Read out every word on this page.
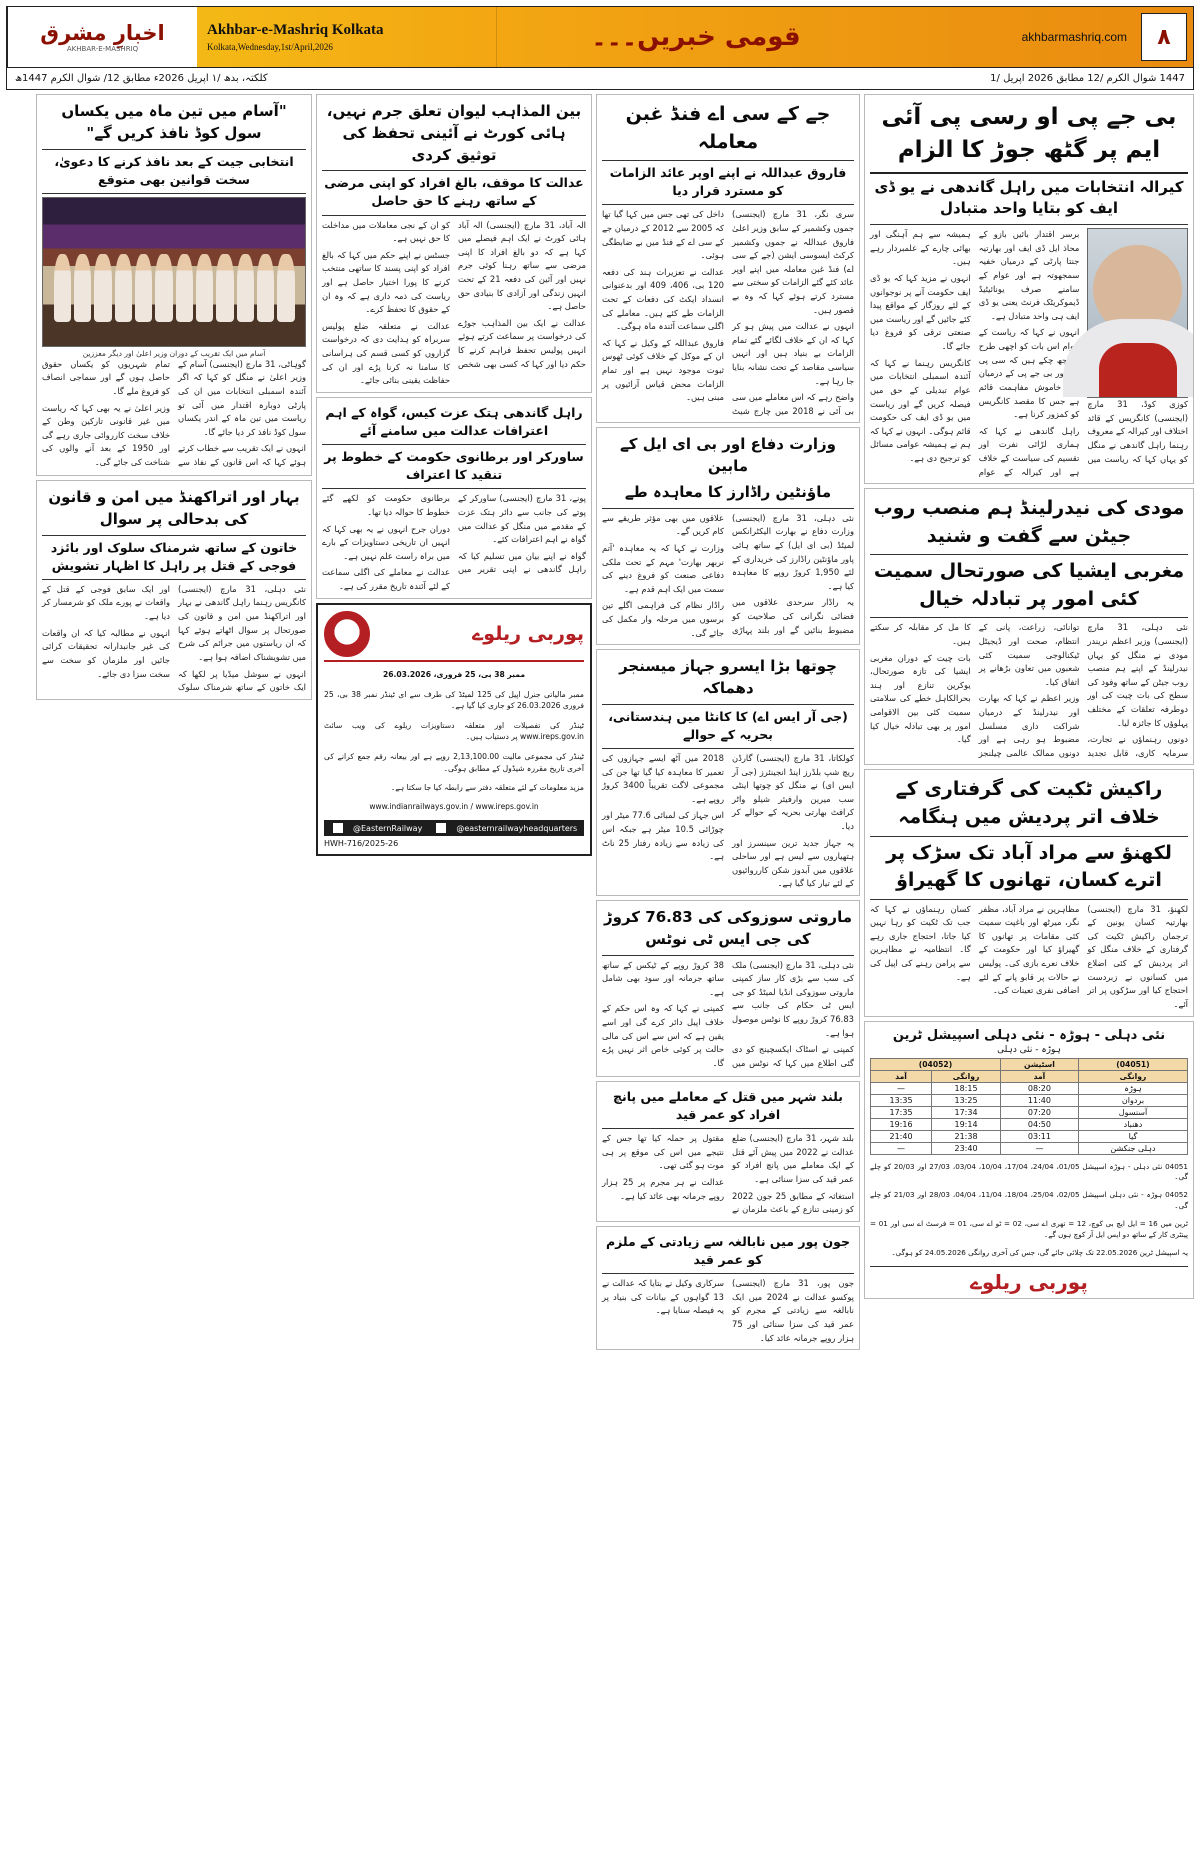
اخبارِ مشرق
AKHBAR-E-MASHRIQ
Akhbar-e-Mashriq Kolkata
Kolkata,Wednesday,1st/April,2026	قومی خبریں۔۔۔	akhbarmashriq.com	۸
کلکتہ، بدھ /۱ اپریل 2026ء مطابق 12/ شوال الکرم 1447ھ	1447 شوال الکرم /12 مطابق 2026 اپریل /1
بی جے پی او رسی پی آئی ایم پر گٹھ جوڑ کا الزام
کیرالہ انتخابات میں راہل گاندھی نے یو ڈی ایف کو بتایا واحد متبادل

کوزی کوڈ، 31 مارچ (ایجنسی) کانگریس کے قائد اختلاف اور کیرالہ کے معروف رہنما راہل گاندھی نے منگل کو یہاں کہا کہ ریاست میں برسر اقتدار بائیں بازو کے محاذ ایل ڈی ایف اور بھارتیہ جنتا پارٹی کے درمیان خفیہ سمجھوتہ ہے اور عوام کے سامنے صرف یونائیٹیڈ ڈیموکریٹک فرنٹ یعنی یو ڈی ایف ہی واحد متبادل ہے۔

انہوں نے کہا کہ ریاست کے عوام اس بات کو اچھی طرح سمجھ چکے ہیں کہ سی پی ایم اور بی جے پی کے درمیان ایک خاموش مفاہمت قائم ہے جس کا مقصد کانگریس کو کمزور کرنا ہے۔

راہل گاندھی نے کہا کہ ہماری لڑائی نفرت اور تقسیم کی سیاست کے خلاف ہے اور کیرالہ کے عوام ہمیشہ سے ہم آہنگی اور بھائی چارے کے علمبردار رہے ہیں۔

انہوں نے مزید کہا کہ یو ڈی ایف حکومت آنے پر نوجوانوں کے لئے روزگار کے مواقع پیدا کئے جائیں گے اور ریاست میں صنعتی ترقی کو فروغ دیا جائے گا۔

کانگریس رہنما نے کہا کہ آئندہ اسمبلی انتخابات میں عوام تبدیلی کے حق میں فیصلہ کریں گے اور ریاست میں یو ڈی ایف کی حکومت قائم ہوگی۔ انہوں نے کہا کہ ہم نے ہمیشہ عوامی مسائل کو ترجیح دی ہے۔

مودی کی نیدرلینڈ ہم منصب روب جیٹن سے گفت و شنید
مغربی ایشیا کی صورتحال سمیت کئی امور پر تبادلہ خیال

نئی دہلی، 31 مارچ (ایجنسی) وزیر اعظم نریندر مودی نے منگل کو یہاں نیدرلینڈ کے اپنے ہم منصب روب جیٹن کے ساتھ وفود کی سطح کی بات چیت کی اور دوطرفہ تعلقات کے مختلف پہلوؤں کا جائزہ لیا۔

دونوں رہنماؤں نے تجارت، سرمایہ کاری، قابل تجدید توانائی، زراعت، پانی کے انتظام، صحت اور ڈیجیٹل ٹیکنالوجی سمیت کئی شعبوں میں تعاون بڑھانے پر اتفاق کیا۔

وزیر اعظم نے کہا کہ بھارت اور نیدرلینڈ کے درمیان شراکت داری مسلسل مضبوط ہو رہی ہے اور دونوں ممالک عالمی چیلنجز کا مل کر مقابلہ کر سکتے ہیں۔

بات چیت کے دوران مغربی ایشیا کی تازہ صورتحال، یوکرین تنازع اور ہند بحرالکاہل خطے کی سلامتی سمیت کئی بین الاقوامی امور پر بھی تبادلہ خیال کیا گیا۔

راکیش ٹکیت کی گرفتاری کے خلاف اتر پردیش میں ہنگامہ
لکھنؤ سے مراد آباد تک سڑک پر اترے کسان، تھانوں کا گھیراؤ

لکھنؤ، 31 مارچ (ایجنسی) بھارتیہ کسان یونین کے ترجمان راکیش ٹکیت کی گرفتاری کے خلاف منگل کو اتر پردیش کے کئی اضلاع میں کسانوں نے زبردست احتجاج کیا اور سڑکوں پر اتر آئے۔

مظاہرین نے مراد آباد، مظفر نگر، میرٹھ اور باغپت سمیت کئی مقامات پر تھانوں کا گھیراؤ کیا اور حکومت کے خلاف نعرے بازی کی۔ پولیس نے حالات پر قابو پانے کے لئے اضافی نفری تعینات کی۔

کسان رہنماؤں نے کہا کہ جب تک ٹکیت کو رہا نہیں کیا جاتا، احتجاج جاری رہے گا۔ انتظامیہ نے مظاہرین سے پرامن رہنے کی اپیل کی ہے۔

نئی دہلی - ہوڑہ - نئی دہلی اسپیشل ٹرین
ہوڑہ - نئی دہلی
(04051)	اسٹیشن	(04052)	
روانگی	آمد	روانگی	آمد
ہوڑہ	08:20	18:15	—
بردوان	11:40	13:25	13:35
آسنسول	07:20	17:34	17:35
دھنباد	04:50	19:14	19:16
گیا	03:11	21:38	21:40
دہلی جنکشن	—	23:40	—

04051 نئی دہلی - ہوڑہ اسپیشل 01/05، 24/04، 17/04، 10/04، 03/04، 27/03 اور 20/03 کو چلے گی۔

04052 ہوڑہ - نئی دہلی اسپیشل 02/05، 25/04، 18/04، 11/04، 04/04، 28/03 اور 21/03 کو چلے گی۔

ٹرین میں 16 = ایل ایچ بی کوچ، 12 = تھری اے سی، 02 = ٹو اے سی، 01 = فرسٹ اے سی اور 01 = پینٹری کار کے ساتھ دو ایس ایل آر کوچ ہوں گے۔

یہ اسپیشل ٹرین 22.05.2026 تک چلائی جائے گی، جس کی آخری روانگی 24.05.2026 کو ہوگی۔

پوربی ریلوے
جے کے سی اے فنڈ غبن معاملہ
فاروق عبداللہ نے اپنے اوپر عائد الزامات کو مسترد قرار دیا

سری نگر، 31 مارچ (ایجنسی) جموں وکشمیر کے سابق وزیر اعلیٰ فاروق عبداللہ نے جموں وکشمیر کرکٹ ایسوسی ایشن (جے کے سی اے) فنڈ غبن معاملہ میں اپنے اوپر عائد کئے گئے الزامات کو سختی سے مسترد کرتے ہوئے کہا کہ وہ بے قصور ہیں۔

انہوں نے عدالت میں پیش ہو کر کہا کہ ان کے خلاف لگائے گئے تمام الزامات بے بنیاد ہیں اور انہیں سیاسی مقاصد کے تحت نشانہ بنایا جا رہا ہے۔

واضح رہے کہ اس معاملے میں سی بی آئی نے 2018 میں چارج شیٹ داخل کی تھی جس میں کہا گیا تھا کہ 2005 سے 2012 کے درمیان جے کے سی اے کے فنڈ میں بے ضابطگی ہوئی۔

عدالت نے تعزیرات ہند کی دفعہ 120 بی، 406، 409 اور بدعنوانی انسداد ایکٹ کی دفعات کے تحت الزامات طے کئے ہیں۔ معاملے کی اگلی سماعت آئندہ ماہ ہوگی۔

فاروق عبداللہ کے وکیل نے کہا کہ ان کے موکل کے خلاف کوئی ٹھوس ثبوت موجود نہیں ہے اور تمام الزامات محض قیاس آرائیوں پر مبنی ہیں۔

وزارت دفاع اور بی ای ایل کے مابین
ماؤنٹین راڈارز کا معاہدہ طے

نئی دہلی، 31 مارچ (ایجنسی) وزارت دفاع نے بھارت الیکٹرانکس لمیٹڈ (بی ای ایل) کے ساتھ ہائی پاور ماؤنٹین راڈارز کی خریداری کے لئے 1,950 کروڑ روپے کا معاہدہ کیا ہے۔

یہ راڈار سرحدی علاقوں میں فضائی نگرانی کی صلاحیت کو مضبوط بنائیں گے اور بلند پہاڑی علاقوں میں بھی مؤثر طریقے سے کام کریں گے۔

وزارت نے کہا کہ یہ معاہدہ 'آتم نربھر بھارت' مہم کے تحت ملکی دفاعی صنعت کو فروغ دینے کی سمت میں ایک اہم قدم ہے۔

راڈار نظام کی فراہمی اگلے تین برسوں میں مرحلہ وار مکمل کی جائے گی۔

چوتھا بڑا ایسرو جہاز میسنجر دھماکہ
(جی آر ایس اے) کا کانٹا میں ہندستانی، بحریہ کے حوالے

کولکاتا، 31 مارچ (ایجنسی) گارڈن ریچ شپ بلڈرز اینڈ انجینئرز (جی آر ایس ای) نے منگل کو چوتھا اینٹی سب میرین وارفیئر شیلو واٹر کرافٹ بھارتی بحریہ کے حوالے کر دیا۔

یہ جہاز جدید ترین سینسرز اور ہتھیاروں سے لیس ہے اور ساحلی علاقوں میں آبدوز شکن کارروائیوں کے لئے تیار کیا گیا ہے۔

2018 میں آٹھ ایسے جہازوں کی تعمیر کا معاہدہ کیا گیا تھا جن کی مجموعی لاگت تقریباً 3400 کروڑ روپے ہے۔

اس جہاز کی لمبائی 77.6 میٹر اور چوڑائی 10.5 میٹر ہے جبکہ اس کی زیادہ سے زیادہ رفتار 25 ناٹ ہے۔

ماروتی سوزوکی کی 76.83 کروڑ کی جی ایس ٹی نوٹس

نئی دہلی، 31 مارچ (ایجنسی) ملک کی سب سے بڑی کار ساز کمپنی ماروتی سوزوکی انڈیا لمیٹڈ کو جی ایس ٹی حکام کی جانب سے 76.83 کروڑ روپے کا نوٹس موصول ہوا ہے۔

کمپنی نے اسٹاک ایکسچینج کو دی گئی اطلاع میں کہا کہ نوٹس میں 38 کروڑ روپے کے ٹیکس کے ساتھ ساتھ جرمانہ اور سود بھی شامل ہے۔

کمپنی نے کہا کہ وہ اس حکم کے خلاف اپیل دائر کرے گی اور اسے یقین ہے کہ اس سے اس کی مالی حالت پر کوئی خاص اثر نہیں پڑے گا۔

بلند شہر میں قتل کے معاملے میں پانچ افراد کو عمر قید

بلند شہر، 31 مارچ (ایجنسی) ضلع عدالت نے 2022 میں پیش آئے قتل کے ایک معاملے میں پانچ افراد کو عمر قید کی سزا سنائی ہے۔

استغاثہ کے مطابق 25 جون 2022 کو زمینی تنازع کے باعث ملزمان نے مقتول پر حملہ کیا تھا جس کے نتیجے میں اس کی موقع پر ہی موت ہو گئی تھی۔

عدالت نے ہر مجرم پر 25 ہزار روپے جرمانہ بھی عائد کیا ہے۔

جون پور میں نابالغہ سے زیادتی کے ملزم کو عمر قید

جون پور، 31 مارچ (ایجنسی) پوکسو عدالت نے 2024 میں ایک نابالغہ سے زیادتی کے مجرم کو عمر قید کی سزا سنائی اور 75 ہزار روپے جرمانہ عائد کیا۔

سرکاری وکیل نے بتایا کہ عدالت نے 13 گواہوں کے بیانات کی بنیاد پر یہ فیصلہ سنایا ہے۔

بین المذاہب لیوان تعلق جرم نہیں، ہائی کورٹ نے آئینی تحفظ کی توثیق کردی
عدالت کا موقف، بالغ افراد کو اپنی مرضی کے ساتھ رہنے کا حق حاصل

الہ آباد، 31 مارچ (ایجنسی) الہ آباد ہائی کورٹ نے ایک اہم فیصلے میں کہا ہے کہ دو بالغ افراد کا اپنی مرضی سے ساتھ رہنا کوئی جرم نہیں اور آئین کی دفعہ 21 کے تحت انہیں زندگی اور آزادی کا بنیادی حق حاصل ہے۔

عدالت نے ایک بین المذاہب جوڑے کی درخواست پر سماعت کرتے ہوئے انہیں پولیس تحفظ فراہم کرنے کا حکم دیا اور کہا کہ کسی بھی شخص کو ان کے نجی معاملات میں مداخلت کا حق نہیں ہے۔

جسٹس نے اپنے حکم میں کہا کہ بالغ افراد کو اپنی پسند کا ساتھی منتخب کرنے کا پورا اختیار حاصل ہے اور ریاست کی ذمہ داری ہے کہ وہ ان کے حقوق کا تحفظ کرے۔

عدالت نے متعلقہ ضلع پولیس سربراہ کو ہدایت دی کہ درخواست گزاروں کو کسی قسم کی ہراسانی کا سامنا نہ کرنا پڑے اور ان کی حفاظت یقینی بنائی جائے۔

راہل گاندھی ہتک عزت کیس، گواہ کے اہم اعترافات عدالت میں سامنے آئے
ساورکر اور برطانوی حکومت کے خطوط پر تنقید کا اعتراف

پونے، 31 مارچ (ایجنسی) ساورکر کے پوتے کی جانب سے دائر ہتک عزت کے مقدمے میں منگل کو عدالت میں گواہ نے اہم اعترافات کئے۔

گواہ نے اپنے بیان میں تسلیم کیا کہ راہل گاندھی نے اپنی تقریر میں برطانوی حکومت کو لکھے گئے خطوط کا حوالہ دیا تھا۔

دوران جرح انہوں نے یہ بھی کہا کہ انہیں ان تاریخی دستاویزات کے بارے میں براہ راست علم نہیں ہے۔

عدالت نے معاملے کی اگلی سماعت کے لئے آئندہ تاریخ مقرر کی ہے۔

پوربی ریلوے

ممبر 38 بی، 25 فروری، 26.03.2026

ممبر مالیاتی جنرل اپیل کی 125 لمیٹڈ کی طرف سے ای ٹینڈر نمبر 38 بی، 25 فروری 26.03.2026 کو جاری کیا گیا ہے۔

ٹینڈر کی تفصیلات اور متعلقہ دستاویزات ریلوے کی ویب سائٹ www.ireps.gov.in پر دستیاب ہیں۔

ٹینڈر کی مجموعی مالیت 2,13,100.00 روپے ہے اور بیعانہ رقم جمع کرانے کی آخری تاریخ مقررہ شیڈول کے مطابق ہوگی۔

مزید معلومات کے لئے متعلقہ دفتر سے رابطہ کیا جا سکتا ہے۔

www.indianrailways.gov.in / www.ireps.gov.in

@EasternRailway	@easternrailwayheadquarters
HWH-716/2025-26
"آسام میں تین ماہ میں یکساں سول کوڈ نافذ کریں گے"
انتخابی جیت کے بعد نافذ کرنے کا دعویٰ، سخت قوانین بھی متوقع
آسام میں ایک تقریب کے دوران وزیر اعلیٰ اور دیگر معززین

گوہاٹی، 31 مارچ (ایجنسی) آسام کے وزیر اعلیٰ نے منگل کو کہا کہ اگر آئندہ اسمبلی انتخابات میں ان کی پارٹی دوبارہ اقتدار میں آئی تو ریاست میں تین ماہ کے اندر یکساں سول کوڈ نافذ کر دیا جائے گا۔

انہوں نے ایک تقریب سے خطاب کرتے ہوئے کہا کہ اس قانون کے نفاذ سے تمام شہریوں کو یکساں حقوق حاصل ہوں گے اور سماجی انصاف کو فروغ ملے گا۔

وزیر اعلیٰ نے یہ بھی کہا کہ ریاست میں غیر قانونی تارکین وطن کے خلاف سخت کارروائی جاری رہے گی اور 1950 کے بعد آنے والوں کی شناخت کی جائے گی۔

بہار اور اتراکھنڈ میں امن و قانون کی بدحالی پر سوال
خاتون کے ساتھ شرمناک سلوک اور بائزد فوجی کے قتل پر راہل کا اظہار تشویش

نئی دہلی، 31 مارچ (ایجنسی) کانگریس رہنما راہل گاندھی نے بہار اور اتراکھنڈ میں امن و قانون کی صورتحال پر سوال اٹھاتے ہوئے کہا کہ ان ریاستوں میں جرائم کی شرح میں تشویشناک اضافہ ہوا ہے۔

انہوں نے سوشل میڈیا پر لکھا کہ ایک خاتون کے ساتھ شرمناک سلوک اور ایک سابق فوجی کے قتل کے واقعات نے پورے ملک کو شرمسار کر دیا ہے۔

انہوں نے مطالبہ کیا کہ ان واقعات کی غیر جانبدارانہ تحقیقات کرائی جائیں اور ملزمان کو سخت سے سخت سزا دی جائے۔
